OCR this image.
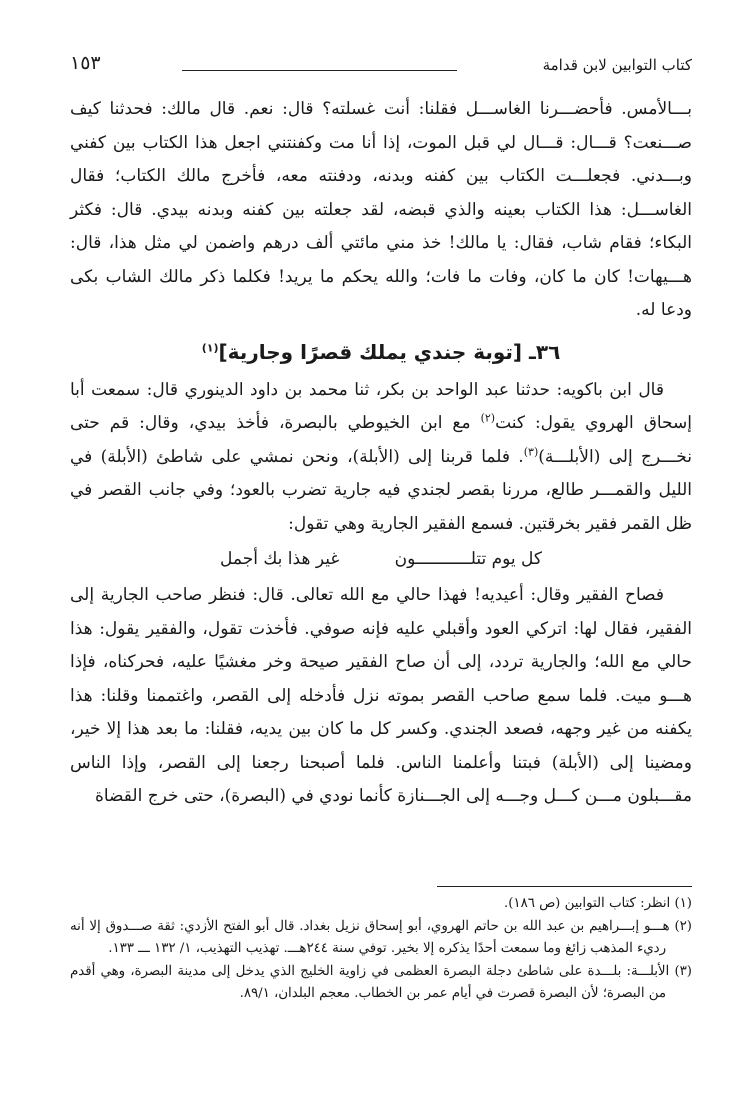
كتاب التوابين لابن قدامة
١٥٣

بـــالأمس. فأحضـــرنا الغاســـل فقلنا: أنت غسلته؟ قال: نعم. قال مالك: فحدثنا كيف صـــنعت؟ قـــال: قـــال لي قبل الموت، إذا أنا مت وكفنتني اجعل هذا الكتاب بين كفني وبـــدني. فجعلـــت الكتاب بين كفنه وبدنه، ودفنته معه، فأخرج مالك الكتاب؛ فقال الغاســـل: هذا الكتاب بعينه والذي قبضه، لقد جعلته بين كفنه وبدنه بيدي. قال: فكثر البكاء؛ فقام شاب، فقال: يا مالك! خذ مني مائتي ألف درهم واضمن لي مثل هذا، قال: هـــيهات! كان ما كان، وفات ما فات؛ والله يحكم ما يريد! فكلما ذكر مالك الشاب بكى ودعا له.

٣٦ـ [توبة جندي يملك قصرًا وجارية]$^{(١)}$

قال ابن باكويه: حدثنا عبد الواحد بن بكر، ثنا محمد بن داود الدينوري قال: سمعت أبا إسحاق الهروي يقول: كنت$^{(٢)}$ مع ابن الخيوطي بالبصرة، فأخذ بيدي، وقال: قم حتى نخـــرج إلى (الأبلـــة)$^{(٣)}$. فلما قربنا إلى (الأبلة)، ونحن نمشي على شاطئ (الأبلة) في الليل والقمـــر طالع، مررنا بقصر لجندي فيه جارية تضرب بالعود؛ وفي جانب القصر في ظل القمر فقير بخرقتين. فسمع الفقير الجارية وهي تقول:

كل يوم تتلـــــــــــون
غير هذا بك أجمل

فصاح الفقير وقال: أعيديه! فهذا حالي مع الله تعالى. قال: فنظر صاحب الجارية إلى الفقير، فقال لها: اتركي العود وأقبلي عليه فإنه صوفي. فأخذت تقول، والفقير يقول: هذا حالي مع الله؛ والجارية تردد، إلى أن صاح الفقير صيحة وخر مغشيًا عليه، فحركناه، فإذا هـــو ميت. فلما سمع صاحب القصر بموته نزل فأدخله إلى القصر، واغتممنا وقلنا: هذا يكفنه من غير وجهه، فصعد الجندي. وكسر كل ما كان بين يديه، فقلنا: ما بعد هذا إلا خير، ومضينا إلى (الأبلة) فبتنا وأعلمنا الناس. فلما أصبحنا رجعنا إلى القصر، وإذا الناس مقـــبلون مـــن كـــل وجـــه إلى الجـــنازة كأنما نودي في (البصرة)، حتى خرج القضاة

(١) انظر: كتاب التوابين (ص ١٨٦).

(٢) هـــو إبـــراهيم بن عبد الله بن حاتم الهروي، أبو إسحاق نزيل بغداد. قال أبو الفتح الأزدي: ثقة صـــدوق إلا أنه رديء المذهب زائغ وما سمعت أحدًا يذكره إلا بخير. توفي سنة ٢٤٤هـــ. تهذيب التهذيب، ١/ ١٣٢ ـــ ١٣٣.

(٣) الأبلـــة: بلـــدة على شاطئ دجلة البصرة العظمى في زاوية الخليج الذي يدخل إلى مدينة البصرة، وهي أقدم من البصرة؛ لأن البصرة قصرت في أيام عمر بن الخطاب. معجم البلدان، ٨٩/١.
